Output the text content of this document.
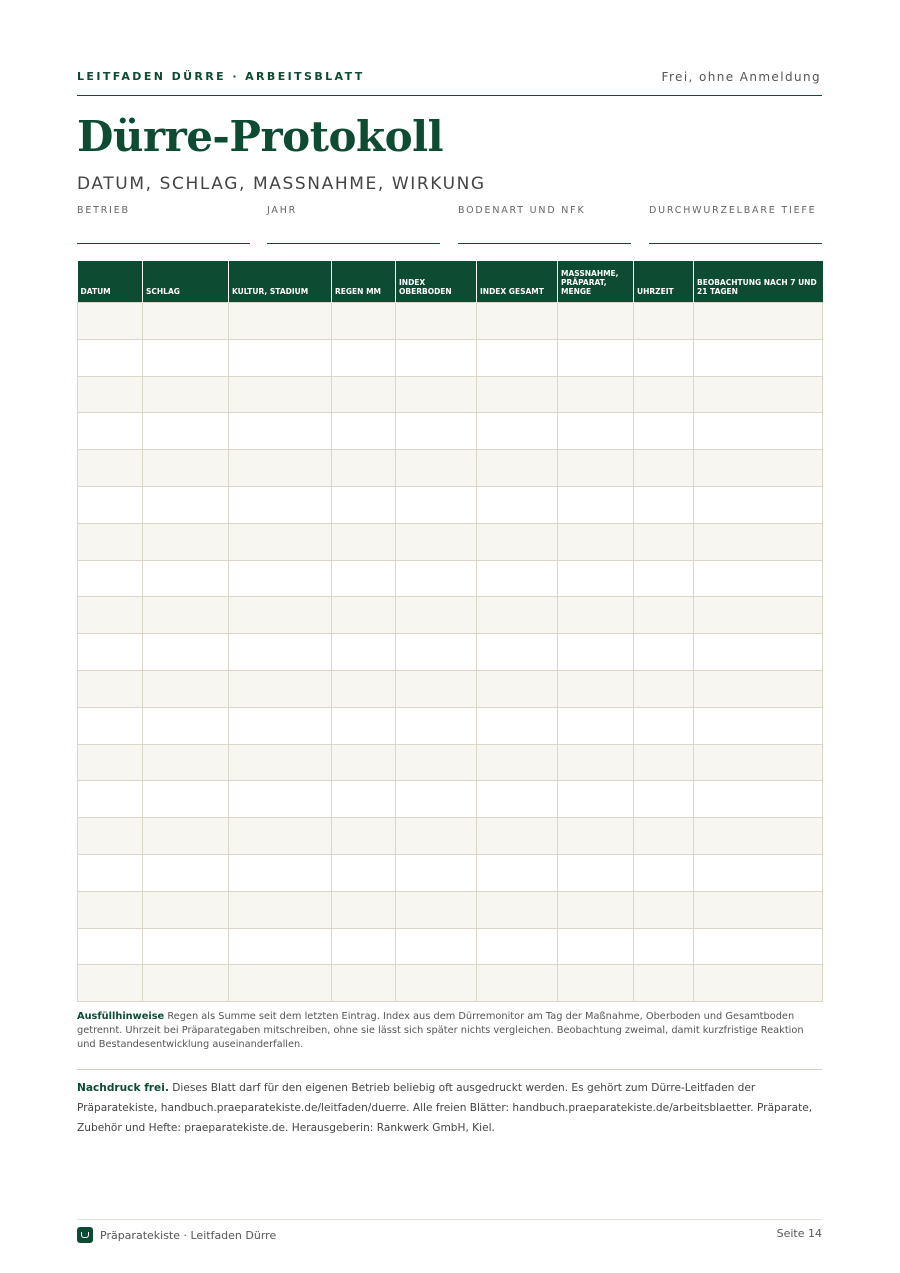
LEITFADEN DÜRRE · ARBEITSBLATT	Frei, ohne Anmeldung
Dürre-Protokoll
DATUM, SCHLAG, MASSNAHME, WIRKUNG
BETRIEB	JAHR	BODENART UND NFK	DURCHWURZELBARE TIEFE
DATUM	SCHLAG	KULTUR, STADIUM	REGEN MM	INDEX OBERBODEN	INDEX GESAMT	MASSNAHME, PRÄPARAT, MENGE	UHRZEIT	BEOBACHTUNG NACH 7 UND 21 TAGEN

Ausfüllhinweise Regen als Summe seit dem letzten Eintrag. Index aus dem Dürremonitor am Tag der Maßnahme, Oberboden und Gesamtboden getrennt. Uhrzeit bei Präparategaben mitschreiben, ohne sie lässt sich später nichts vergleichen. Beobachtung zweimal, damit kurzfristige Reaktion und Bestandesentwicklung auseinanderfallen.
Nachdruck frei. Dieses Blatt darf für den eigenen Betrieb beliebig oft ausgedruckt werden. Es gehört zum Dürre-Leitfaden der Präparatekiste, handbuch.praeparatekiste.de/leitfaden/duerre. Alle freien Blätter: handbuch.praeparatekiste.de/arbeitsblaetter. Präparate, Zubehör und Hefte: praeparatekiste.de. Herausgeberin: Rankwerk GmbH, Kiel.
Präparatekiste · Leitfaden Dürre	Seite 14
